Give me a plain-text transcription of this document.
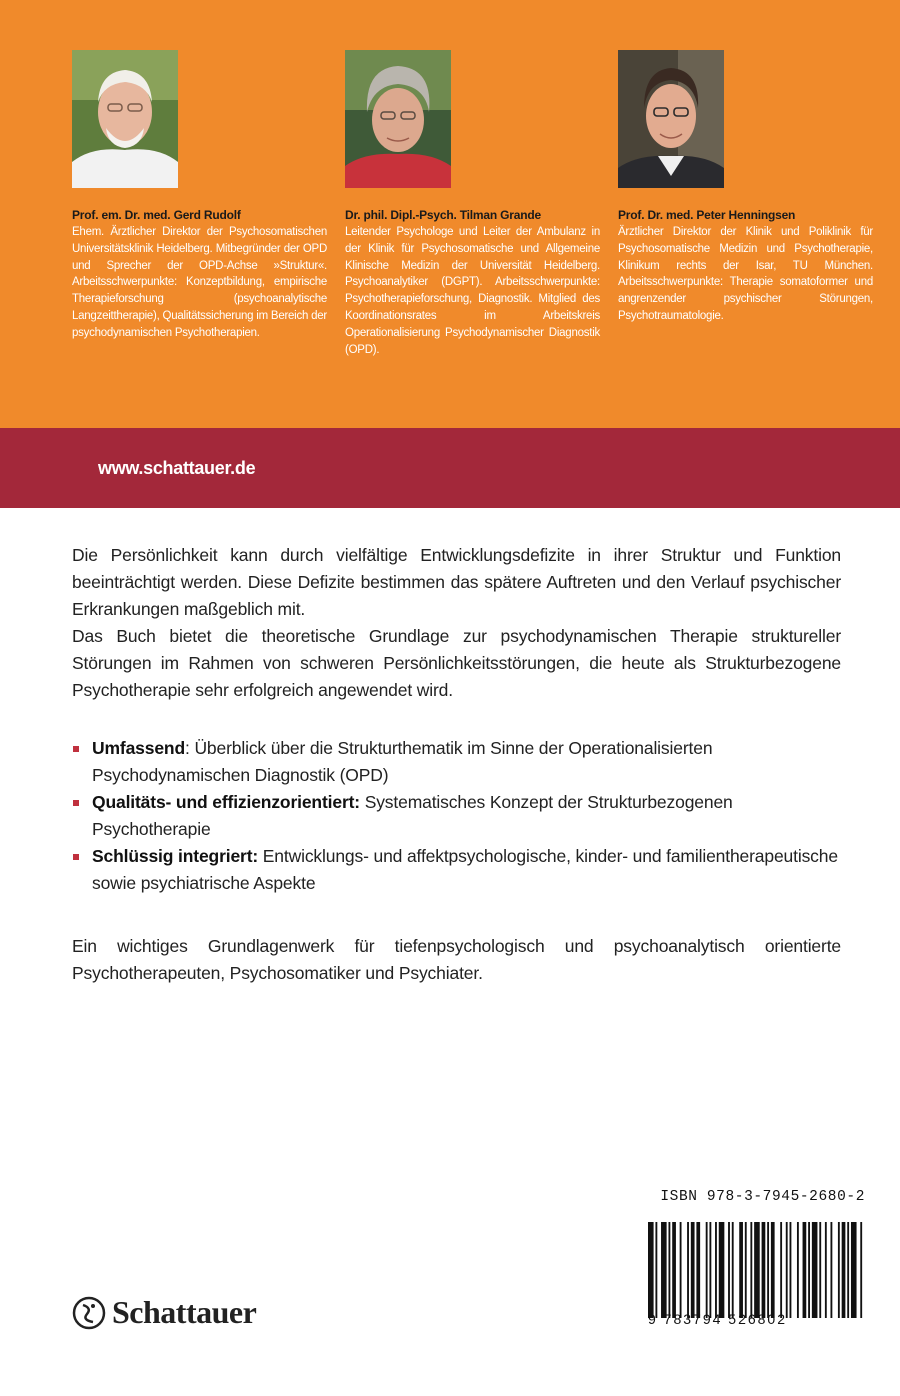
Prof. em. Dr. med. Gerd Rudolf
Ehem. Ärztlicher Direktor der Psychosomatischen Universitätsklinik Heidelberg. Mitbegründer der OPD und Sprecher der OPD-Achse »Struktur«. Arbeitsschwerpunkte: Konzeptbildung, empirische Therapieforschung (psychoanalytische Langzeittherapie), Qualitätssicherung im Bereich der psychodynamischen Psychotherapien.
Dr. phil. Dipl.-Psych. Tilman Grande
Leitender Psychologe und Leiter der Ambulanz in der Klinik für Psychosomatische und Allgemeine Klinische Medizin der Universität Heidelberg. Psychoanalytiker (DGPT). Arbeitsschwerpunkte: Psychotherapieforschung, Diagnostik. Mitglied des Koordinationsrates im Arbeitskreis Operationalisierung Psychodynamischer Diagnostik (OPD).
Prof. Dr. med. Peter Henningsen
Ärztlicher Direktor der Klinik und Poliklinik für Psychosomatische Medizin und Psychotherapie, Klinikum rechts der Isar, TU München. Arbeitsschwerpunkte: Therapie somatoformer und angrenzender psychischer Störungen, Psychotraumatologie.
www.schattauer.de

Die Persönlichkeit kann durch vielfältige Entwicklungsdefizite in ihrer Struktur und Funktion beeinträchtigt werden. Diese Defizite bestimmen das spätere Auftreten und den Verlauf psychischer Erkrankungen maßgeblich mit.

Das Buch bietet die theoretische Grundlage zur psychodynamischen Therapie struktureller Störungen im Rahmen von schweren Persönlichkeitsstörungen, die heute als Strukturbezogene Psychotherapie sehr erfolgreich angewendet wird.

Umfassend: Überblick über die Strukturthematik im Sinne der Operationalisierten Psychodynamischen Diagnostik (OPD)
Qualitäts- und effizienzorientiert: Systematisches Konzept der Strukturbezogenen Psychotherapie
Schlüssig integriert: Entwicklungs- und affektpsychologische, kinder- und familientherapeutische sowie psychiatrische Aspekte

Ein wichtiges Grundlagenwerk für tiefenpsychologisch und psychoanalytisch orientierte Psychotherapeuten, Psychosomatiker und Psychiater.

ISBN 978-3-7945-2680-2
9 783794 526802
Schattauer
